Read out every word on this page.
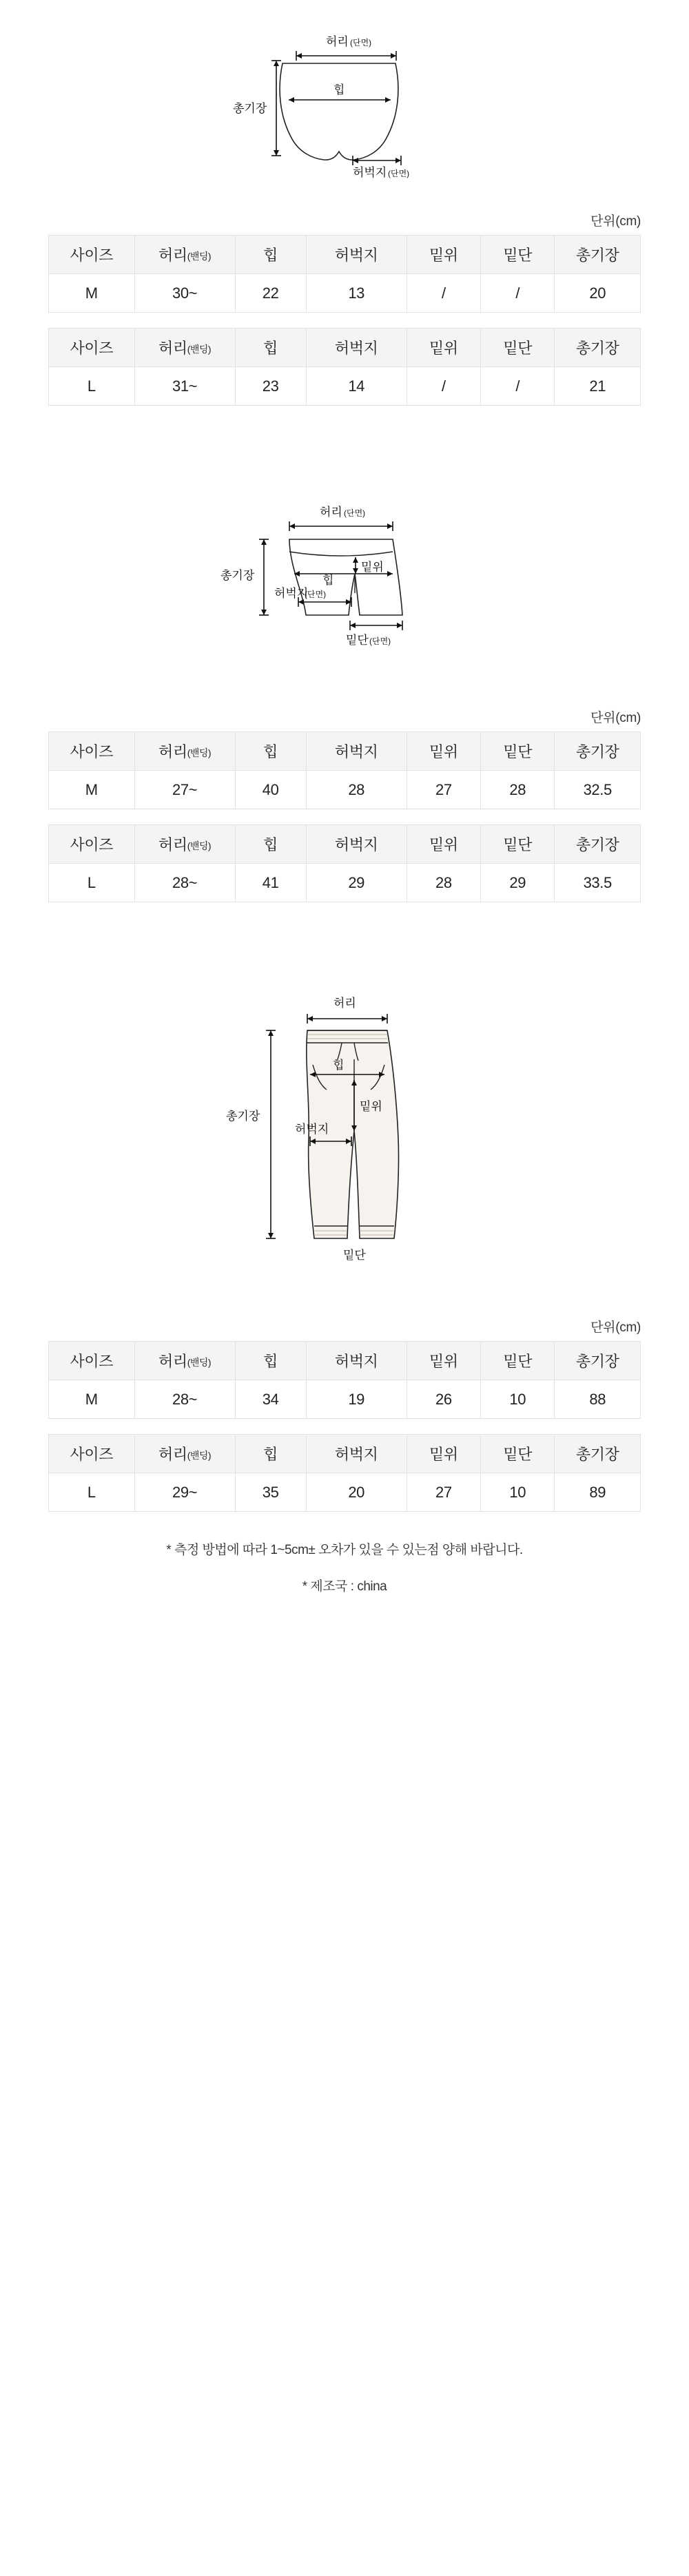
허리 (단면)
힙
총기장
허벅지 (단면)
단위(cm)
사이즈	허리(밴딩)	힙	허벅지	밑위	밑단	총기장
M	30~	22	13	/	/	20
사이즈	허리(밴딩)	힙	허벅지	밑위	밑단	총기장
L	31~	23	14	/	/	21
허리 (단면)
총기장	힙
밑위
허벅지
(단면)
밑단 (단면)
단위(cm)
사이즈	허리(밴딩)	힙	허벅지	밑위	밑단	총기장
M	27~	40	28	27	28	32.5
사이즈	허리(밴딩)	힙	허벅지	밑위	밑단	총기장
L	28~	41	29	28	29	33.5
허리
총기장
힙
밑위
허벅지
밑단
단위(cm)
사이즈	허리(밴딩)	힙	허벅지	밑위	밑단	총기장
M	28~	34	19	26	10	88
사이즈	허리(밴딩)	힙	허벅지	밑위	밑단	총기장
L	29~	35	20	27	10	89
* 측정 방법에 따라 1~5cm± 오차가 있을 수 있는점 양해 바랍니다.
* 제조국 : china
